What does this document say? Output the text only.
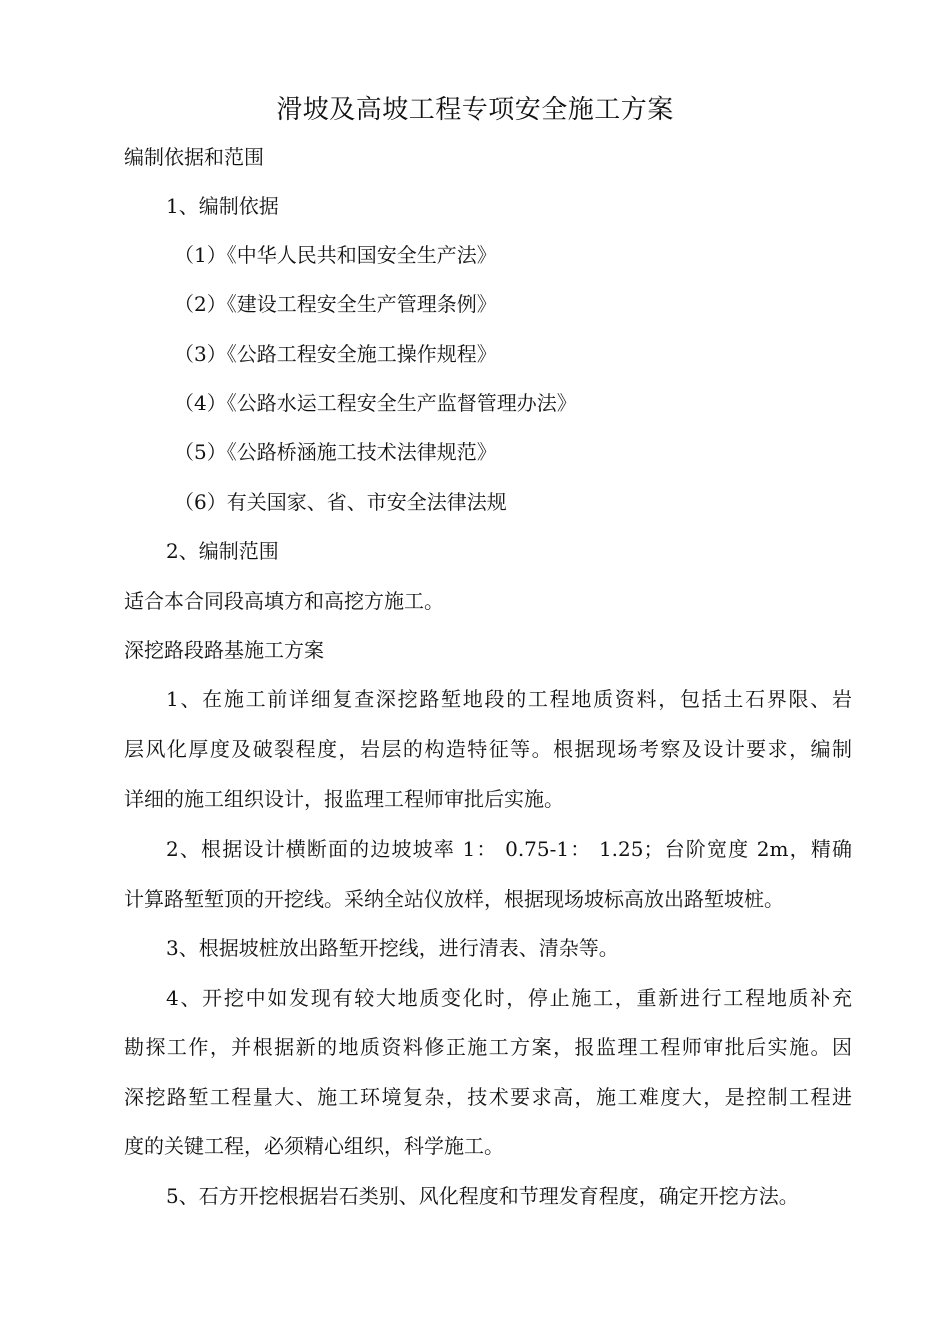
滑坡及高坡工程专项安全施工方案
编制依据和范围
1、编制依据
（1）《中华人民共和国安全生产法》
（2）《建设工程安全生产管理条例》
（3）《公路工程安全施工操作规程》
（4）《公路水运工程安全生产监督管理办法》
（5）《公路桥涵施工技术法律规范》
（6）有关国家、省、市安全法律法规
2、编制范围
适合本合同段高填方和高挖方施工。
深挖路段路基施工方案
1、在施工前详细复查深挖路堑地段的工程地质资料，包括土石界限、岩
层风化厚度及破裂程度，岩层的构造特征等。根据现场考察及设计要求，编制
详细的施工组织设计，报监理工程师审批后实施。
2、根据设计横断面的边坡坡率 1： 0.75-1： 1.25；台阶宽度 2m，精确
计算路堑堑顶的开挖线。采纳全站仪放样，根据现场坡标高放出路堑坡桩。
3、根据坡桩放出路堑开挖线，进行清表、清杂等。
4、开挖中如发现有较大地质变化时，停止施工，重新进行工程地质补充
勘探工作，并根据新的地质资料修正施工方案，报监理工程师审批后实施。因
深挖路堑工程量大、施工环境复杂，技术要求高，施工难度大，是控制工程进
度的关键工程，必须精心组织，科学施工。
5、石方开挖根据岩石类别、风化程度和节理发育程度，确定开挖方法。
